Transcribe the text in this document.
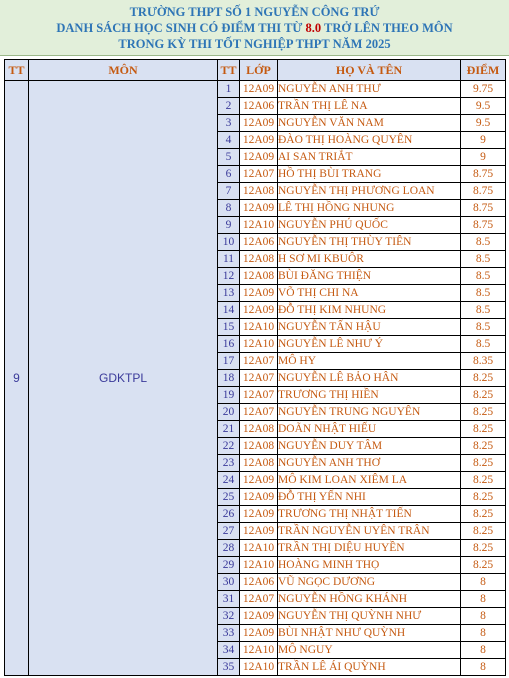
TRƯỜNG THPT SỐ 1 NGUYỄN CÔNG TRỨ
DANH SÁCH HỌC SINH CÓ ĐIỂM THI TỪ 8.0 TRỞ LÊN THEO MÔN
TRONG KỲ THI TỐT NGHIỆP THPT NĂM 2025
TT	MÔN	TT	LỚP	HỌ VÀ TÊN	ĐIỂM
9	GDKTPL	1	12A09	NGUYỄN ANH THƯ	9.75
		2	12A06	TRẦN THỊ LÊ NA	9.5
		3	12A09	NGUYỄN VĂN NAM	9.5
		4	12A09	ĐÀO THỊ HOÀNG QUYÊN	9
		5	12A09	AI SAN TRIẮT	9
		6	12A07	HỒ THỊ BÙI TRANG	8.75
		7	12A08	NGUYỄN THỊ PHƯƠNG LOAN	8.75
		8	12A09	LÊ THỊ HỒNG NHUNG	8.75
		9	12A10	NGUYỄN PHÚ QUỐC	8.75
		10	12A06	NGUYỄN THỊ THÙY TIÊN	8.5
		11	12A08	H SƠ MI KBUÔR	8.5
		12	12A08	BÙI ĐĂNG THIỆN	8.5
		13	12A09	VÕ THỊ CHI NA	8.5
		14	12A09	ĐỖ THỊ KIM NHUNG	8.5
		15	12A10	NGUYỄN TẤN HẬU	8.5
		16	12A10	NGUYỄN LÊ NHƯ Ý	8.5
		17	12A07	MÔ HY	8.35
		18	12A07	NGUYỄN LÊ BẢO HÂN	8.25
		19	12A07	TRƯƠNG THỊ HIỀN	8.25
		20	12A07	NGUYỄN TRUNG NGUYÊN	8.25
		21	12A08	DOÃN NHẬT HIẾU	8.25
		22	12A08	NGUYỄN DUY TÂM	8.25
		23	12A08	NGUYỄN ANH THƠ	8.25
		24	12A09	MÔ KIM LOAN XIÊM LA	8.25
		25	12A09	ĐỖ THỊ YẾN NHI	8.25
		26	12A09	TRƯƠNG THỊ NHẬT TIẾN	8.25
		27	12A09	TRẦN NGUYỄN UYÊN TRÂN	8.25
		28	12A10	TRẦN THỊ DIỆU HUYỀN	8.25
		29	12A10	HOÀNG MINH THỌ	8.25
		30	12A06	VŨ NGỌC DƯƠNG	8
		31	12A07	NGUYỄN HỒNG KHÁNH	8
		32	12A09	NGUYỄN THỊ QUỲNH NHƯ	8
		33	12A09	BÙI NHẬT NHƯ QUỲNH	8
		34	12A10	MÔ NGUY	8
		35	12A10	TRẦN LÊ ÁI QUỲNH	8
